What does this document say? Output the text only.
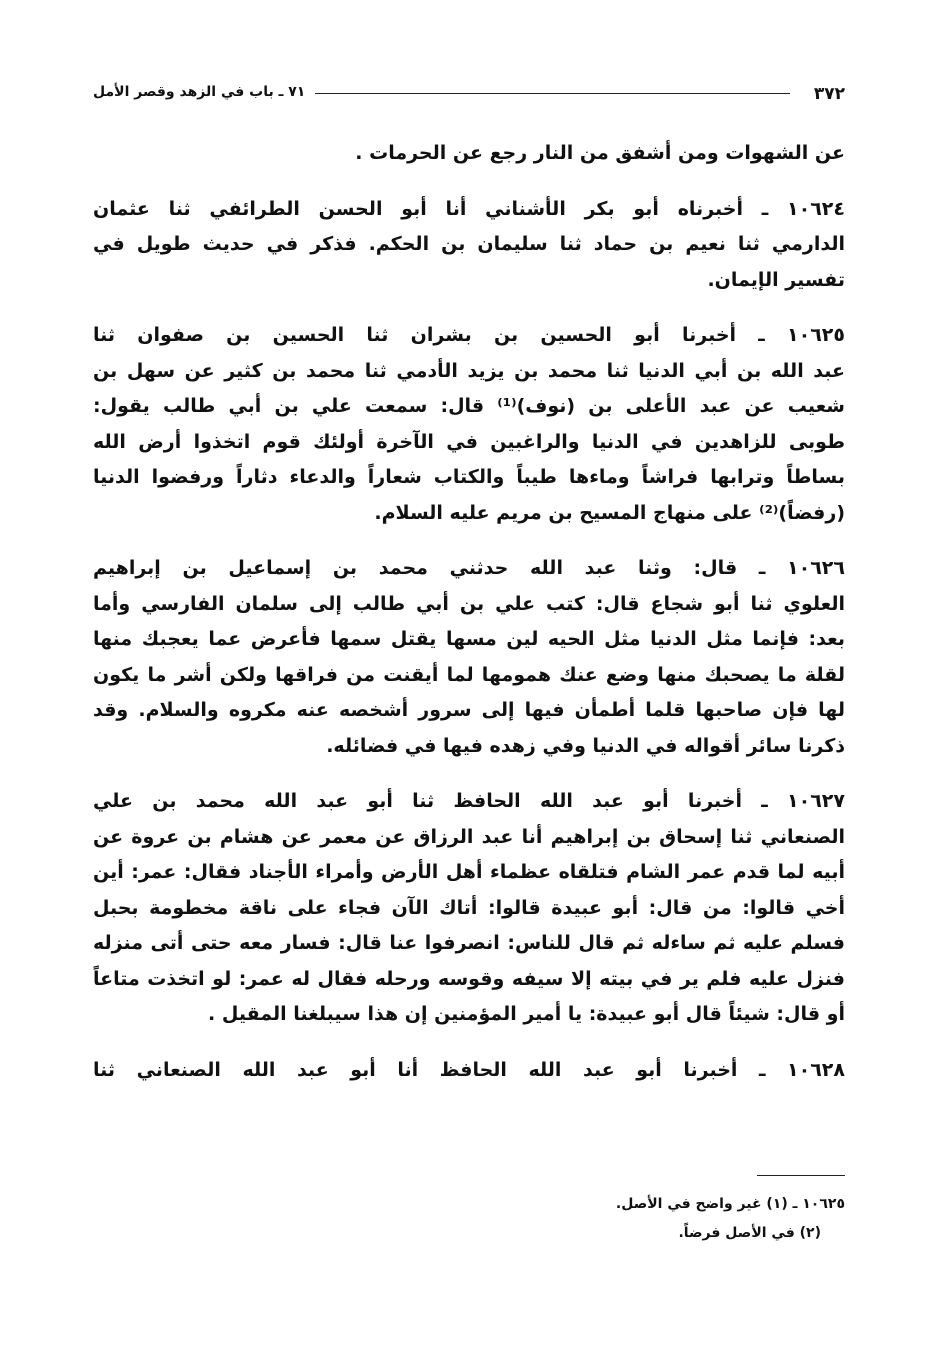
٣٧٢
٧١ ـ باب في الزهد وقصر الأمل
عن الشهوات ومن أشفق من النار رجع عن الحرمات .
١٠٦٢٤ ـ أخبرناه أبو بكر الأشناني أنا أبو الحسن الطرائفي ثنا عثمان
الدارمي ثنا نعيم بن حماد ثنا سليمان بن الحكم. فذكر في حديث طويل في
تفسير الإيمان.
١٠٦٢٥ ـ أخبرنا أبو الحسين بن بشران ثنا الحسين بن صفوان ثنا
عبد الله بن أبي الدنيا ثنا محمد بن يزيد الأدمي ثنا محمد بن كثير عن سهل بن
شعيب عن عبد الأعلى بن (نوف)⁽¹⁾ قال: سمعت علي بن أبي طالب يقول:
طوبى للزاهدين في الدنيا والراغبين في الآخرة أولئك قوم اتخذوا أرض الله
بساطاً وترابها فراشاً وماءها طيباً والكتاب شعاراً والدعاء دثاراً ورفضوا الدنيا
(رفضاً)⁽²⁾ على منهاج المسيح بن مريم عليه السلام.
١٠٦٢٦ ـ قال: وثنا عبد الله حدثني محمد بن إسماعيل بن إبراهيم
العلوي ثنا أبو شجاع قال: كتب علي بن أبي طالب إلى سلمان الفارسي وأما
بعد: فإنما مثل الدنيا مثل الحيه لين مسها يقتل سمها فأعرض عما يعجبك منها
لقلة ما يصحبك منها وضع عنك همومها لما أيقنت من فراقها ولكن أشر ما يكون
لها فإن صاحبها قلما أطمأن فيها إلى سرور أشخصه عنه مكروه والسلام. وقد
ذكرنا سائر أقواله في الدنيا وفي زهده فيها في فضائله.
١٠٦٢٧ ـ أخبرنا أبو عبد الله الحافظ ثنا أبو عبد الله محمد بن علي
الصنعاني ثنا إسحاق بن إبراهيم أنا عبد الرزاق عن معمر عن هشام بن عروة عن
أبيه لما قدم عمر الشام فتلقاه عظماء أهل الأرض وأمراء الأجناد فقال: عمر: أين
أخي قالوا: من قال: أبو عبيدة قالوا: أتاك الآن فجاء على ناقة مخطومة بحبل
فسلم عليه ثم ساءله ثم قال للناس: انصرفوا عنا قال: فسار معه حتى أتى منزله
فنزل عليه فلم ير في بيته إلا سيفه وقوسه ورحله فقال له عمر: لو اتخذت متاعاً
أو قال: شيئاً قال أبو عبيدة: يا أمير المؤمنين إن هذا سيبلغنا المقيل .
١٠٦٢٨ ـ أخبرنا أبو عبد الله الحافظ أنا أبو عبد الله الصنعاني ثنا
١٠٦٢٥ ـ (١) غير واضح في الأصل.
(٢) في الأصل فرضاً.
